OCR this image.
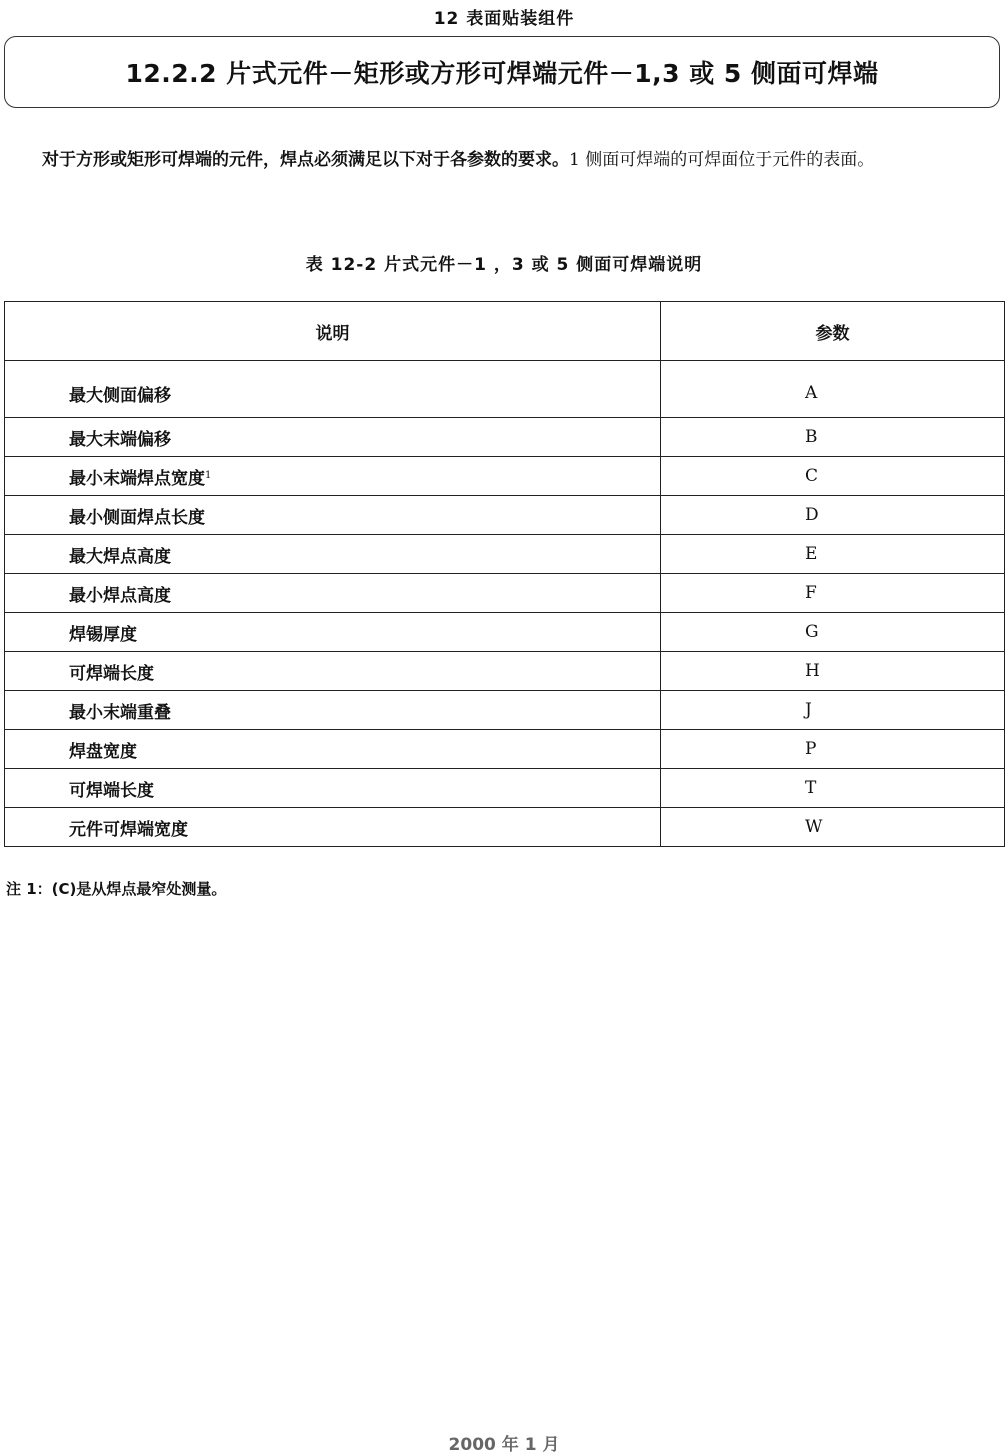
12 表面贴装组件
12.2.2 片式元件－矩形或方形可焊端元件－1,3 或 5 侧面可焊端

对于方形或矩形可焊端的元件，焊点必须满足以下对于各参数的要求。1 侧面可焊端的可焊面位于元件的表面。

表 12-2 片式元件－1 ，3 或 5 侧面可焊端说明
说明	参数
最大侧面偏移	A
最大末端偏移	B
最小末端焊点宽度$^1$	C
最小侧面焊点长度	D
最大焊点高度	E
最小焊点高度	F
焊锡厚度	G
可焊端长度	H
最小末端重叠	J
焊盘宽度	P
可焊端长度	T
元件可焊端宽度	W
注 1：(C)是从焊点最窄处测量。
2000 年 1 月
